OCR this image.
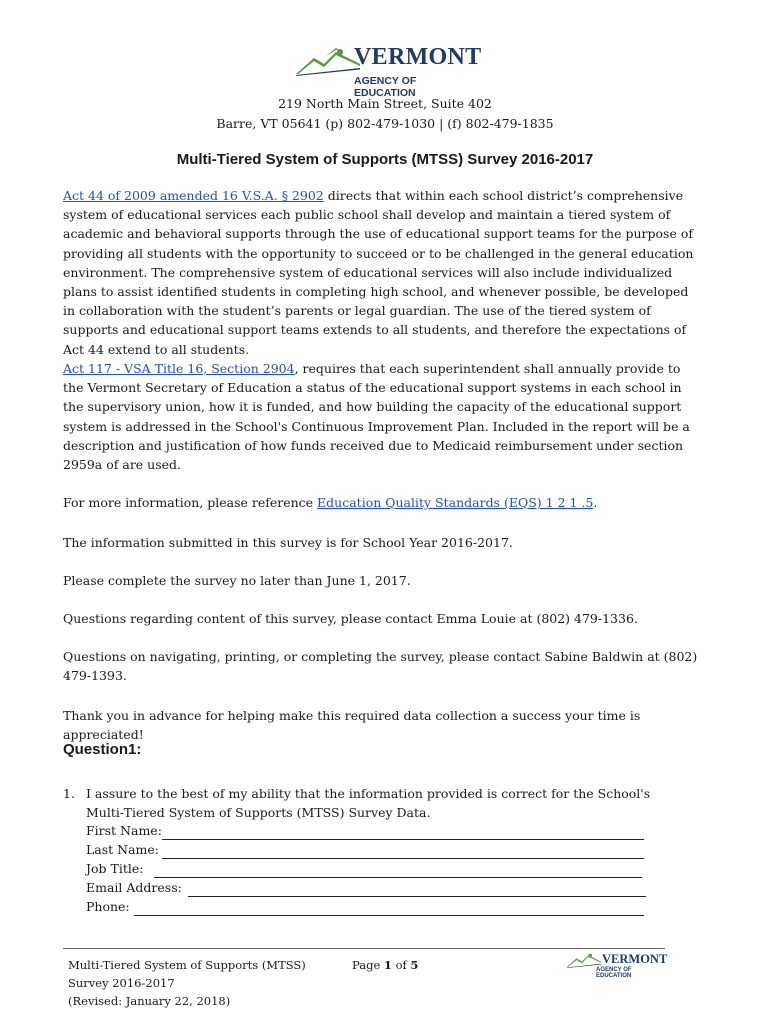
VERMONT
AGENCY OF EDUCATION
219 North Main Street, Suite 402
Barre, VT 05641 (p) 802-479-1030 | (f) 802-479-1835
Multi-Tiered System of Supports (MTSS) Survey 2016-2017
Act 44 of 2009 amended 16 V.S.A. § 2902 directs that within each school district’s comprehensive system of educational services each public school shall develop and maintain a tiered system of academic and behavioral supports through the use of educational support teams for the purpose of providing all students with the opportunity to succeed or to be challenged in the general education environment. The comprehensive system of educational services will also include individualized plans to assist identified students in completing high school, and whenever possible, be developed in collaboration with the student’s parents or legal guardian. The use of the tiered system of supports and educational support teams extends to all students, and therefore the expectations of Act 44 extend to all students.
Act 117 - VSA Title 16, Section 2904, requires that each superintendent shall annually provide to the Vermont Secretary of Education a status of the educational support systems in each school in the supervisory union, how it is funded, and how building the capacity of the educational support system is addressed in the School's Continuous Improvement Plan. Included in the report will be a description and justification of how funds received due to Medicaid reimbursement under section 2959a of are used.
For more information, please reference Education Quality Standards (EQS) 1 2 1 .5.
The information submitted in this survey is for School Year 2016-2017.
Please complete the survey no later than June 1, 2017.
Questions regarding content of this survey, please contact Emma Louie at (802) 479-1336.
Questions on navigating, printing, or completing the survey, please contact Sabine Baldwin at (802) 479-1393.
Thank you in advance for helping make this required data collection a success your time is appreciated!
Question1:
1. I assure to the best of my ability that the information provided is correct for the School's Multi-Tiered System of Supports (MTSS) Survey Data.
First Name:
Last Name:
Job Title:
Email Address:
Phone:
Multi-Tiered System of Supports (MTSS)
Survey 2016-2017
(Revised: January 22, 2018)
Page 1 of 5	VERMONT
AGENCY OF EDUCATION
